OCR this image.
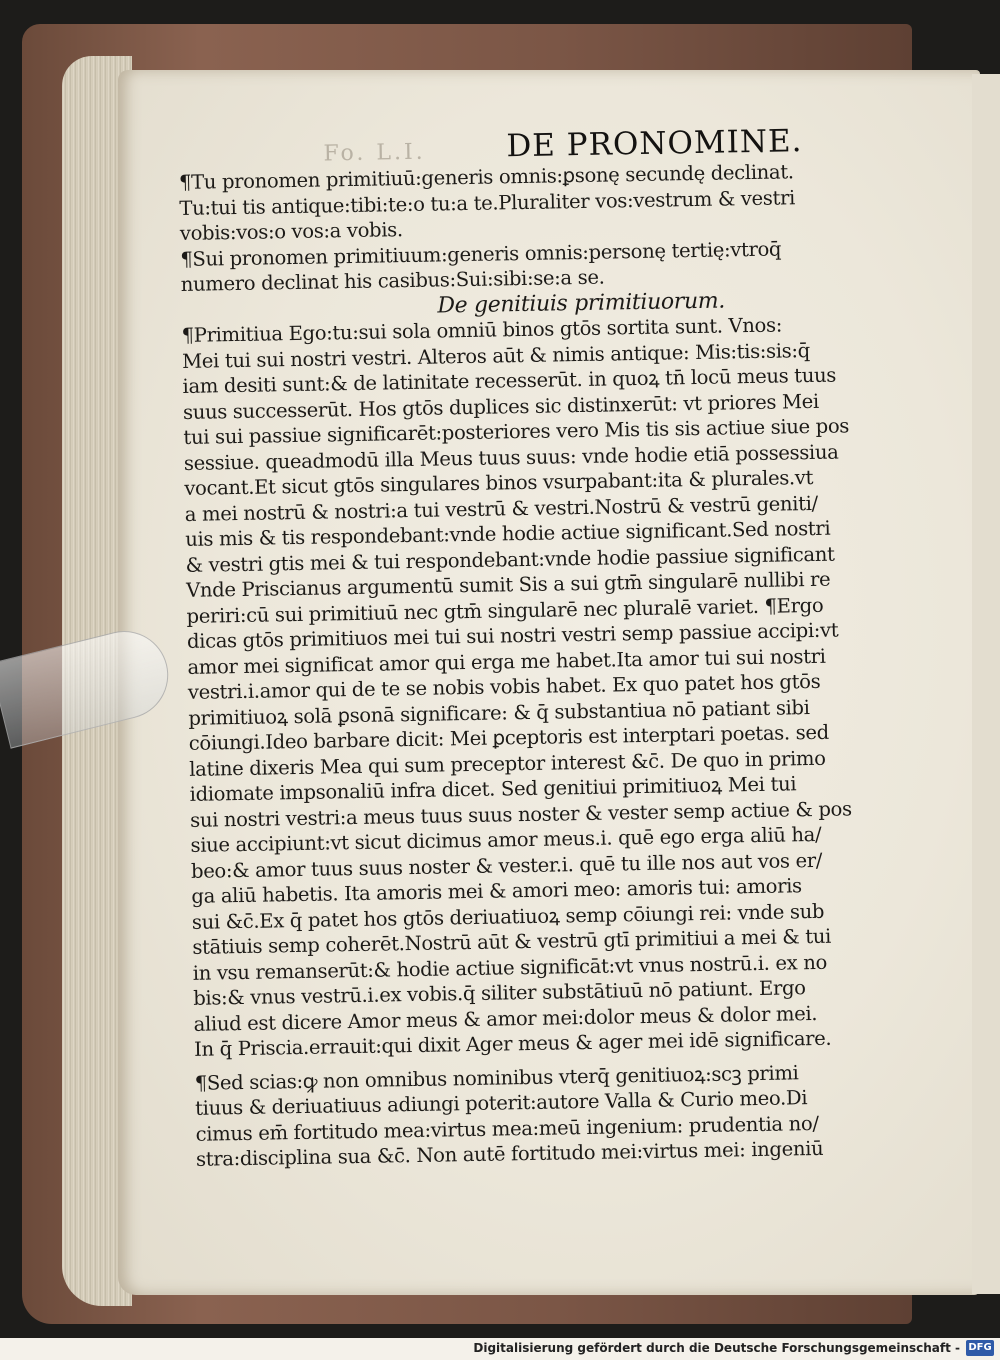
Fo. L.I.	DE PRONOMINE.
¶Tu pronomen primitiuū:generis omnis:ꝑsonę secundę declinat.
Tu:tui tis antique:tibi:te:o tu:a te.Pluraliter vos:vestrum & vestri
vobis:vos:o vos:a vobis.
¶Sui pronomen primitiuum:generis omnis:personę tertię:vtroq̄
numero declinat his casibus:Sui:sibi:se:a se.
De genitiuis primitiuorum.
¶Primitiua Ego:tu:sui sola omniū binos gtōs sortita sunt. Vnos:
Mei tui sui nostri vestri. Alteros aūt & nimis antique: Mis:tis:sis:q̄
iam desiti sunt:& de latinitate recesserūt. in quoꝝ tn̄ locū meus tuus
suus successerūt. Hos gtōs duplices sic distinxerūt: vt priores Mei
tui sui passiue significarēt:posteriores vero Mis tis sis actiue siue pos
sessiue. queadmodū illa Meus tuus suus: vnde hodie etiā possessiua
vocant.Et sicut gtōs singulares binos vsurpabant:ita & plurales.vt
a mei nostrū & nostri:a tui vestrū & vestri.Nostrū & vestrū geniti/
uis mis & tis respondebant:vnde hodie actiue significant.Sed nostri
& vestri gtis mei & tui respondebant:vnde hodie passiue significant
Vnde Priscianus argumentū sumit Sis a sui gtm̄ singularē nullibi re
periri:cū sui primitiuū nec gtm̄ singularē nec pluralē variet. ¶Ergo
dicas gtōs primitiuos mei tui sui nostri vestri semp passiue accipi:vt
amor mei significat amor qui erga me habet.Ita amor tui sui nostri
vestri.i.amor qui de te se nobis vobis habet. Ex quo patet hos gtōs
primitiuoꝝ solā ꝑsonā significare: & q̄ substantiua nō patiant sibi
cōiungi.Ideo barbare dicit: Mei ꝑceptoris est interptari poetas. sed
latine dixeris Mea qui sum preceptor interest &c̄. De quo in primo
idiomate impsonaliū infra dicet. Sed genitiui primitiuoꝝ Mei tui
sui nostri vestri:a meus tuus suus noster & vester semp actiue & pos
siue accipiunt:vt sicut dicimus amor meus.i. quē ego erga aliū ha/
beo:& amor tuus suus noster & vester.i. quē tu ille nos aut vos er/
ga aliū habetis. Ita amoris mei & amori meo: amoris tui: amoris
sui &c̄.Ex q̄ patet hos gtōs deriuatiuoꝝ semp cōiungi rei: vnde sub
stātiuis semp coherēt.Nostrū aūt & vestrū gtī primitiui a mei & tui
in vsu remanserūt:& hodie actiue significāt:vt vnus nostrū.i. ex no
bis:& vnus vestrū.i.ex vobis.q̄ siliter substātiuū nō patiunt. Ergo
aliud est dicere Amor meus & amor mei:dolor meus & dolor mei.
In q̄ Priscia.errauit:qui dixit Ager meus & ager mei idē significare.
¶Sed scias:ꝙ non omnibus nominibus vterq̄ genitiuoꝝ:scꝫ primi
tiuus & deriuatiuus adiungi poterit:autore Valla & Curio meo.Di
cimus em̄ fortitudo mea:virtus mea:meū ingenium: prudentia no/
stra:disciplina sua &c̄. Non autē fortitudo mei:virtus mei: ingeniū
Digitalisierung gefördert durch die Deutsche Forschungsgemeinschaft - DFG
